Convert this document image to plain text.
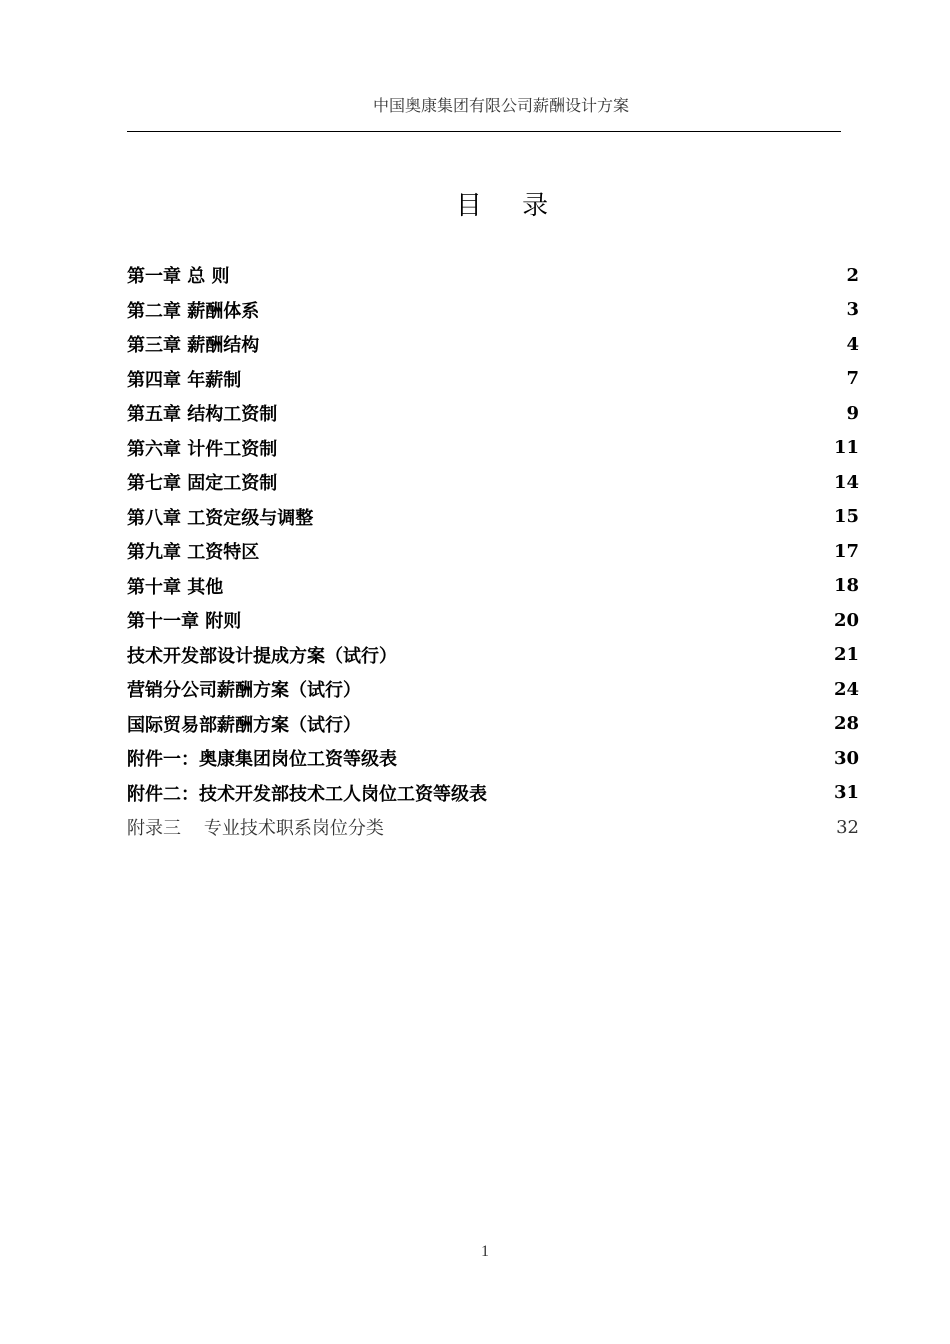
中国奥康集团有限公司薪酬设计方案
目 录
第一章 总 则	2
第二章 薪酬体系	3
第三章 薪酬结构	4
第四章 年薪制	7
第五章 结构工资制	9
第六章 计件工资制	11
第七章 固定工资制	14
第八章 工资定级与调整	15
第九章 工资特区	17
第十章 其他	18
第十一章 附则	20
技术开发部设计提成方案（试行）	21
营销分公司薪酬方案（试行）	24
国际贸易部薪酬方案（试行）	28
附件一：奥康集团岗位工资等级表	30
附件二：技术开发部技术工人岗位工资等级表	31
附录三    专业技术职系岗位分类	32
1
